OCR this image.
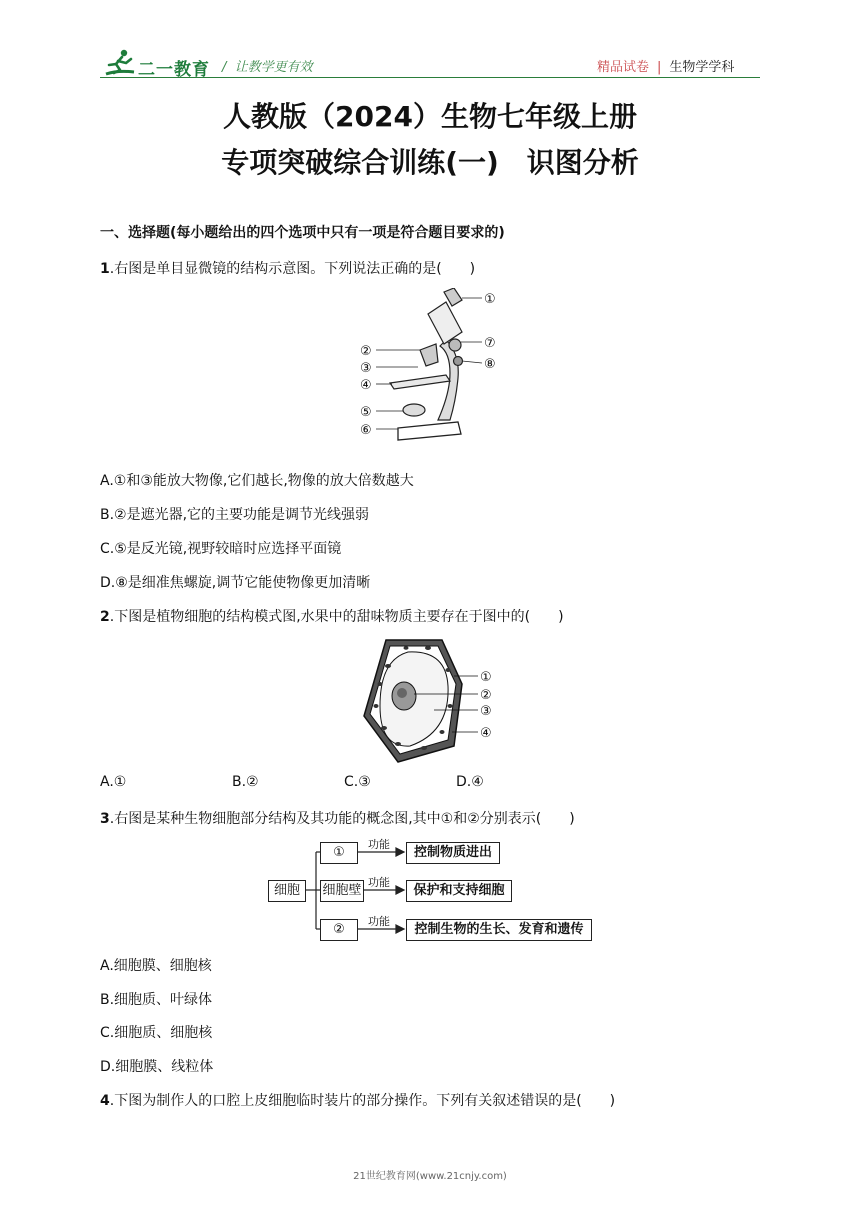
二一教育 /  让教学更有效	精品试卷 | 生物学学科
人教版（2024）生物七年级上册
专项突破综合训练(一)　识图分析
一、选择题(每小题给出的四个选项中只有一项是符合题目要求的)
1.右图是单目显微镜的结构示意图。下列说法正确的是(　　)
①
②
③
④
⑤
⑥
⑦
⑧
A.①和③能放大物像,它们越长,物像的放大倍数越大
B.②是遮光器,它的主要功能是调节光线强弱
C.⑤是反光镜,视野较暗时应选择平面镜
D.⑧是细准焦螺旋,调节它能使物像更加清晰
2.下图是植物细胞的结构模式图,水果中的甜味物质主要存在于图中的(　　)
①
②
③
④
A.①	B.②	C.③	D.④
3.右图是某种生物细胞部分结构及其功能的概念图,其中①和②分别表示(　　)
细胞
①
细胞壁
②
功能
功能
功能
控制物质进出
保护和支持细胞
控制生物的生长、发育和遗传
A.细胞膜、细胞核
B.细胞质、叶绿体
C.细胞质、细胞核
D.细胞膜、线粒体
4.下图为制作人的口腔上皮细胞临时装片的部分操作。下列有关叙述错误的是(　　)
21世纪教育网(www.21cnjy.com)
